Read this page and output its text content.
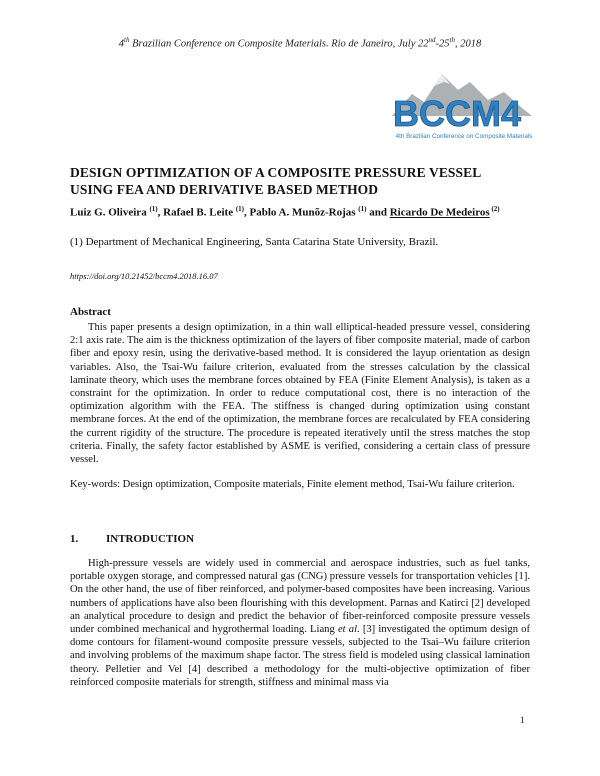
4th Brazilian Conference on Composite Materials. Rio de Janeiro, July 22nd-25th, 2018
BCCM4
4th Brazilian Conference on Composite Materials
DESIGN OPTIMIZATION OF A COMPOSITE PRESSURE VESSEL
USING FEA AND DERIVATIVE BASED METHOD
Luiz G. Oliveira $^{(1)}$, Rafael B. Leite $^{(1)}$, Pablo A. Munõz-Rojas $^{(1)}$ and Ricardo De Medeiros $^{(2)}$
(1) Department of Mechanical Engineering, Santa Catarina State University, Brazil.
https://doi.org/10.21452/bccm4.2018.16.07
Abstract
This paper presents a design optimization, in a thin wall elliptical-headed pressure vessel, considering 2:1 axis rate. The aim is the thickness optimization of the layers of fiber composite material, made of carbon fiber and epoxy resin, using the derivative-based method. It is considered the layup orientation as design variables. Also, the Tsai-Wu failure criterion, evaluated from the stresses calculation by the classical laminate theory, which uses the membrane forces obtained by FEA (Finite Element Analysis), is taken as a constraint for the optimization. In order to reduce computational cost, there is no interaction of the optimization algorithm with the FEA. The stiffness is changed during optimization using constant membrane forces. At the end of the optimization, the membrane forces are recalculated by FEA considering the current rigidity of the structure. The procedure is repeated iteratively until the stress matches the stop criteria. Finally, the safety factor established by ASME is verified, considering a certain class of pressure vessel.
Key-words: Design optimization, Composite materials, Finite element method, Tsai-Wu failure criterion.
1.	INTRODUCTION
High-pressure vessels are widely used in commercial and aerospace industries, such as fuel tanks, portable oxygen storage, and compressed natural gas (CNG) pressure vessels for transportation vehicles [1]. On the other hand, the use of fiber reinforced, and polymer-based composites have been increasing. Various numbers of applications have also been flourishing with this development. Parnas and Katirci [2] developed an analytical procedure to design and predict the behavior of fiber-reinforced composite pressure vessels under combined mechanical and hygrothermal loading. Liang et al. [3] investigated the optimum design of dome contours for filament-wound composite pressure vessels, subjected to the Tsai–Wu failure criterion and involving problems of the maximum shape factor. The stress field is modeled using classical lamination theory. Pelletier and Vel [4] described a methodology for the multi-objective optimization of fiber reinforced composite materials for strength, stiffness and minimal mass via
1
